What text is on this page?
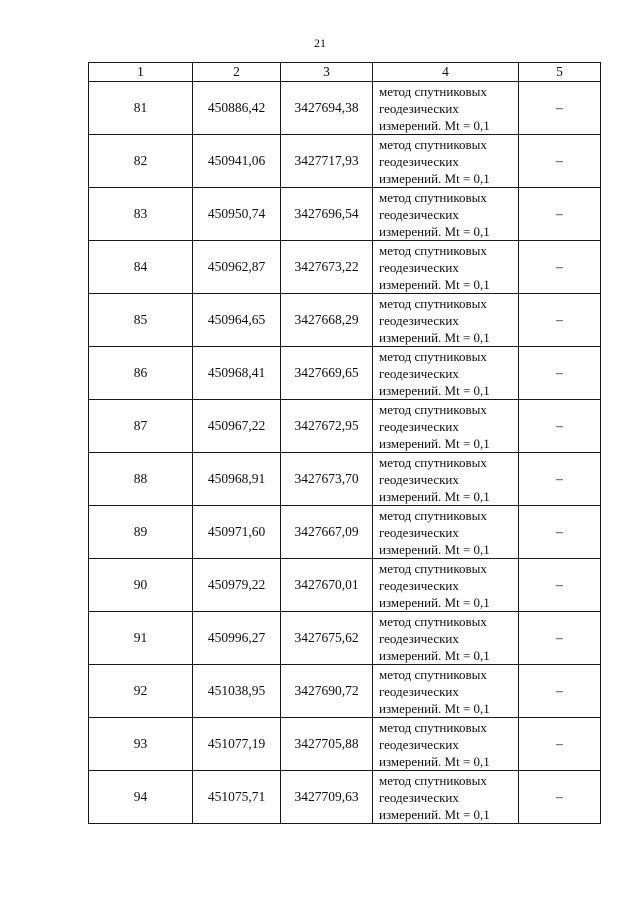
21
1	2	3	4	5
81	450886,42	3427694,38	метод спутниковых
геодезических
измерений. Mt = 0,1	–
82	450941,06	3427717,93	метод спутниковых
геодезических
измерений. Mt = 0,1	–
83	450950,74	3427696,54	метод спутниковых
геодезических
измерений. Mt = 0,1	–
84	450962,87	3427673,22	метод спутниковых
геодезических
измерений. Mt = 0,1	–
85	450964,65	3427668,29	метод спутниковых
геодезических
измерений. Mt = 0,1	–
86	450968,41	3427669,65	метод спутниковых
геодезических
измерений. Mt = 0,1	–
87	450967,22	3427672,95	метод спутниковых
геодезических
измерений. Mt = 0,1	–
88	450968,91	3427673,70	метод спутниковых
геодезических
измерений. Mt = 0,1	–
89	450971,60	3427667,09	метод спутниковых
геодезических
измерений. Mt = 0,1	–
90	450979,22	3427670,01	метод спутниковых
геодезических
измерений. Mt = 0,1	–
91	450996,27	3427675,62	метод спутниковых
геодезических
измерений. Mt = 0,1	–
92	451038,95	3427690,72	метод спутниковых
геодезических
измерений. Mt = 0,1	–
93	451077,19	3427705,88	метод спутниковых
геодезических
измерений. Mt = 0,1	–
94	451075,71	3427709,63	метод спутниковых
геодезических
измерений. Mt = 0,1	–
